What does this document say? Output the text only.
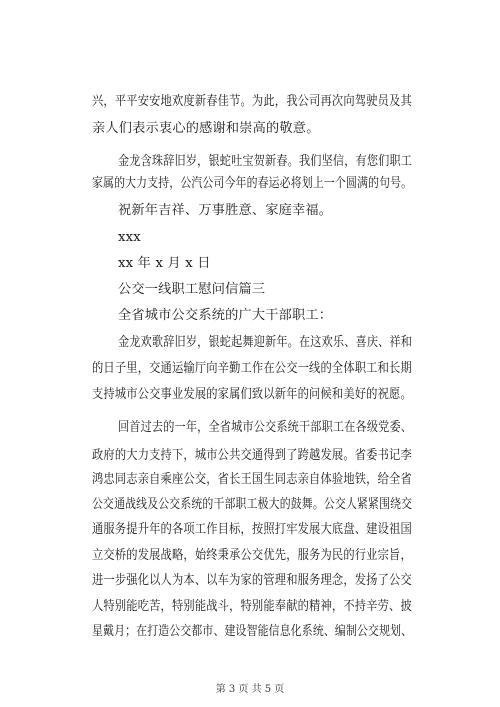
兴，平平安安地欢度新春佳节。为此，我公司再次向驾驶员及其
亲人们表示衷心的感谢和崇高的敬意。
金龙含珠辞旧岁，银蛇吐宝贺新春。我们坚信，有您们职工
家属的大力支持，公汽公司今年的春运必将划上一个圆满的句号。
祝新年吉祥、万事胜意、家庭幸福。
xxx
xx 年 x 月 x 日
公交一线职工慰问信篇三
全省城市公交系统的广大干部职工：
金龙欢歌辞旧岁，银蛇起舞迎新年。在这欢乐、喜庆、祥和
的日子里，交通运输厅向辛勤工作在公交一线的全体职工和长期
支持城市公交事业发展的家属们致以新年的问候和美好的祝愿。
回首过去的一年，全省城市公交系统干部职工在各级党委、
政府的大力支持下，城市公共交通得到了跨越发展。省委书记李
鸿忠同志亲自乘座公交，省长王国生同志亲自体验地铁，给全省
公交通战线及公交系统的干部职工极大的鼓舞。公交人紧紧围绕交
通服务提升年的各项工作目标，按照打牢发展大底盘、建设祖国
立交桥的发展战略，始终秉承公交优先，服务为民的行业宗旨，
进一步强化以人为本、以车为家的管理和服务理念，发扬了公交
人特别能吃苦，特别能战斗，特别能奉献的精神，不持辛劳、披
星戴月；在打造公交都市、建设智能信息化系统、编制公交规划、
第 3 页 共 5 页
